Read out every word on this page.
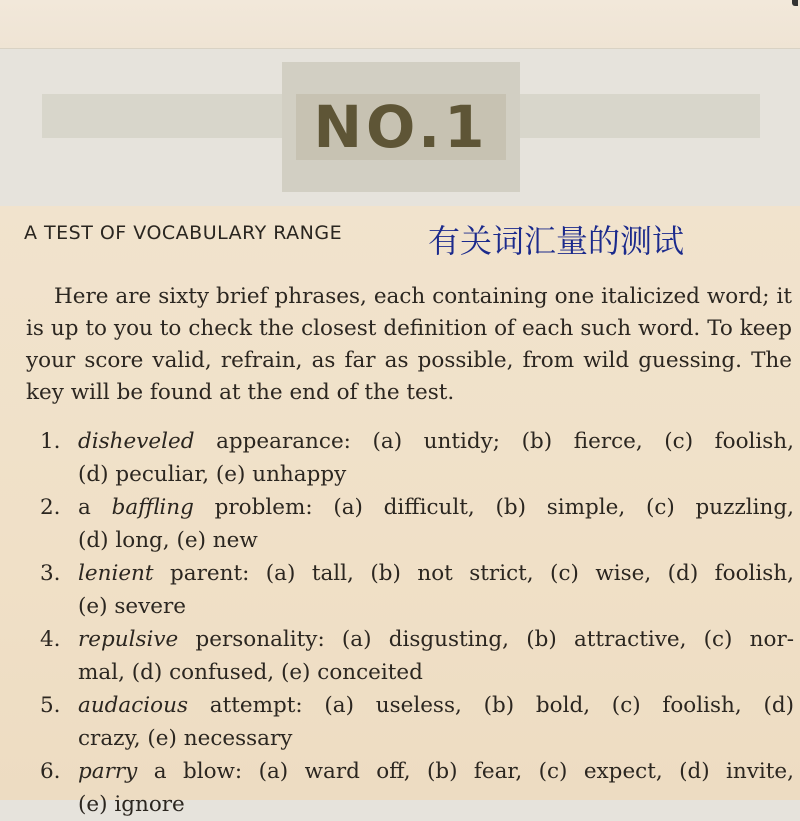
NO.1
A TEST OF VOCABULARY RANGE	有关词汇量的测试

Here are sixty brief phrases, each containing one italicized word; it is up to you to check the closest definition of each such word. To keep your score valid, refrain, as far as possible, from wild guessing. The key will be found at the end of the test.

1. disheveled appearance: (a) untidy; (b) fierce, (c) foolish,
(d) peculiar, (e) unhappy
2. a baffling problem: (a) difficult, (b) simple, (c) puzzling,
(d) long, (e) new
3. lenient parent: (a) tall, (b) not strict, (c) wise, (d) foolish,
(e) severe
4. repulsive personality: (a) disgusting, (b) attractive, (c) nor-
mal, (d) confused, (e) conceited
5. audacious attempt: (a) useless, (b) bold, (c) foolish, (d)
crazy, (e) necessary
6. parry a blow: (a) ward off, (b) fear, (c) expect, (d) invite,
(e) ignore
